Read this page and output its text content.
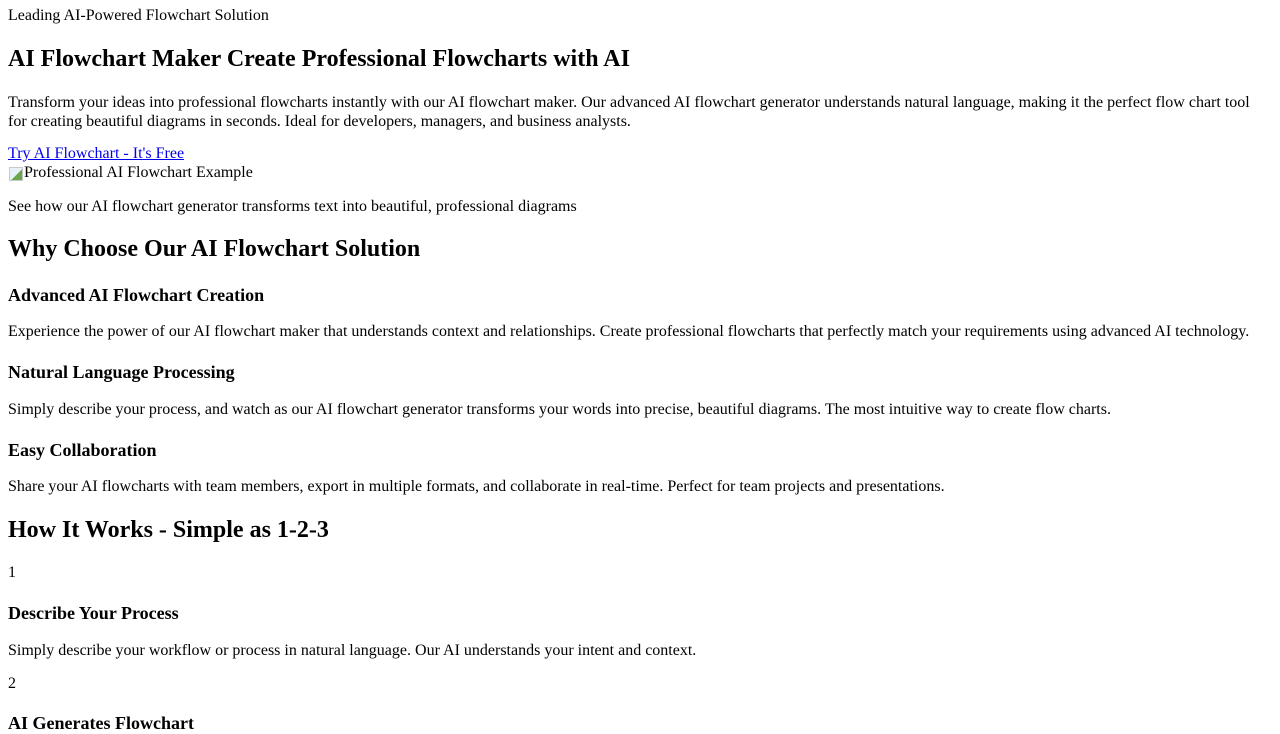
Leading AI-Powered Flowchart Solution
AI Flowchart Maker Create Professional Flowcharts with AI

Transform your ideas into professional flowcharts instantly with our AI flowchart maker. Our advanced AI flowchart generator understands natural language, making it the perfect flow chart tool for creating beautiful diagrams in seconds. Ideal for developers, managers, and business analysts.

Try AI Flowchart - It's Free
Professional AI Flowchart Example

See how our AI flowchart generator transforms text into beautiful, professional diagrams

Why Choose Our AI Flowchart Solution
Advanced AI Flowchart Creation

Experience the power of our AI flowchart maker that understands context and relationships. Create professional flowcharts that perfectly match your requirements using advanced AI technology.

Natural Language Processing

Simply describe your process, and watch as our AI flowchart generator transforms your words into precise, beautiful diagrams. The most intuitive way to create flow charts.

Easy Collaboration

Share your AI flowcharts with team members, export in multiple formats, and collaborate in real-time. Perfect for team projects and presentations.

How It Works - Simple as 1-2-3
1
Describe Your Process

Simply describe your workflow or process in natural language. Our AI understands your intent and context.

2
AI Generates Flowchart
